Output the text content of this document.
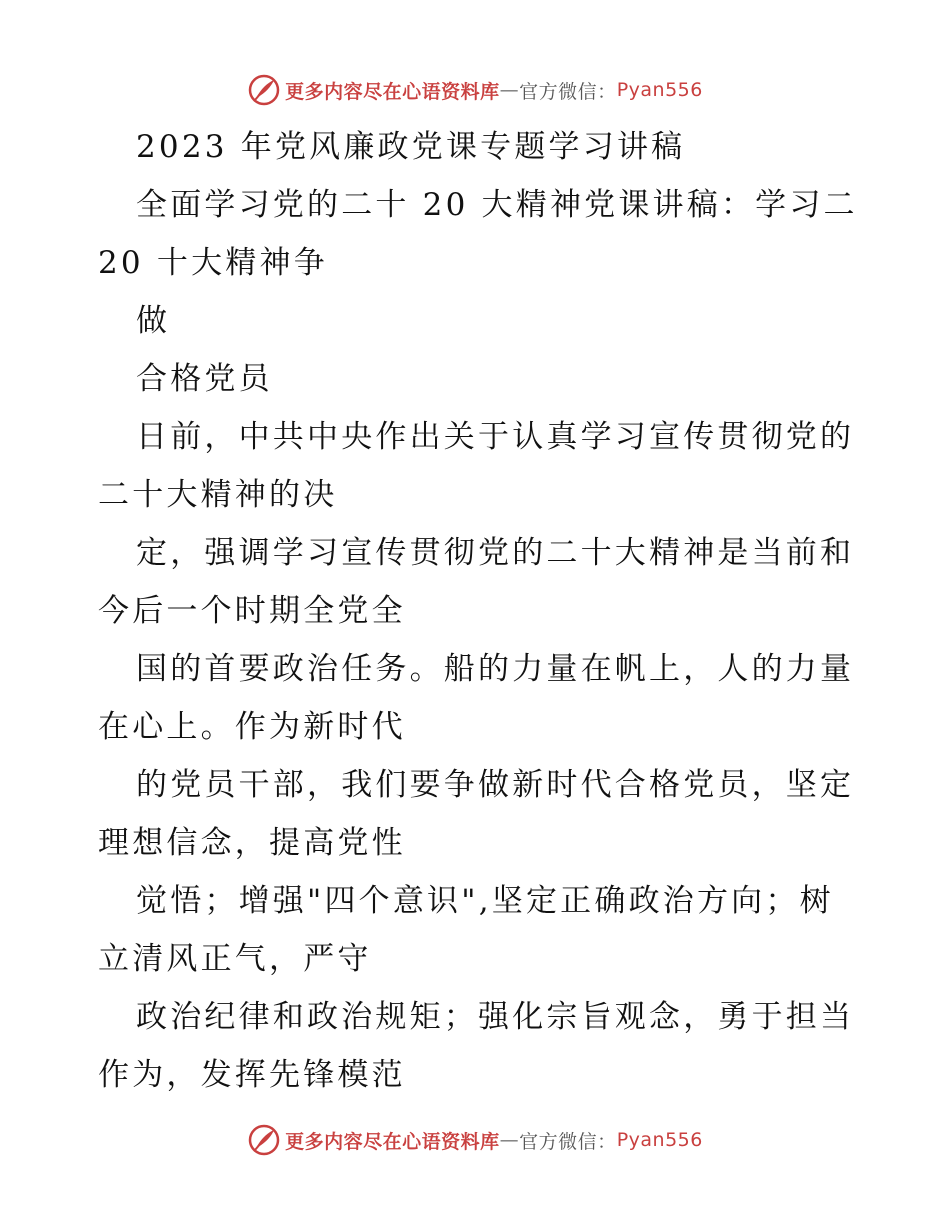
更多内容尽在心语资料库 — 官方微信： Pyan556
2023 年党风廉政党课专题学习讲稿
全面学习党的二十 20 大精神党课讲稿：学习二
20 十大精神争
做
合格党员
日前，中共中央作出关于认真学习宣传贯彻党的
二十大精神的决
定，强调学习宣传贯彻党的二十大精神是当前和
今后一个时期全党全
国的首要政治任务。船的力量在帆上，人的力量
在心上。作为新时代
的党员干部，我们要争做新时代合格党员，坚定
理想信念，提高党性
觉悟；增强"四个意识",坚定正确政治方向；树
立清风正气，严守
政治纪律和政治规矩；强化宗旨观念，勇于担当
作为，发挥先锋模范
更多内容尽在心语资料库 — 官方微信： Pyan556
